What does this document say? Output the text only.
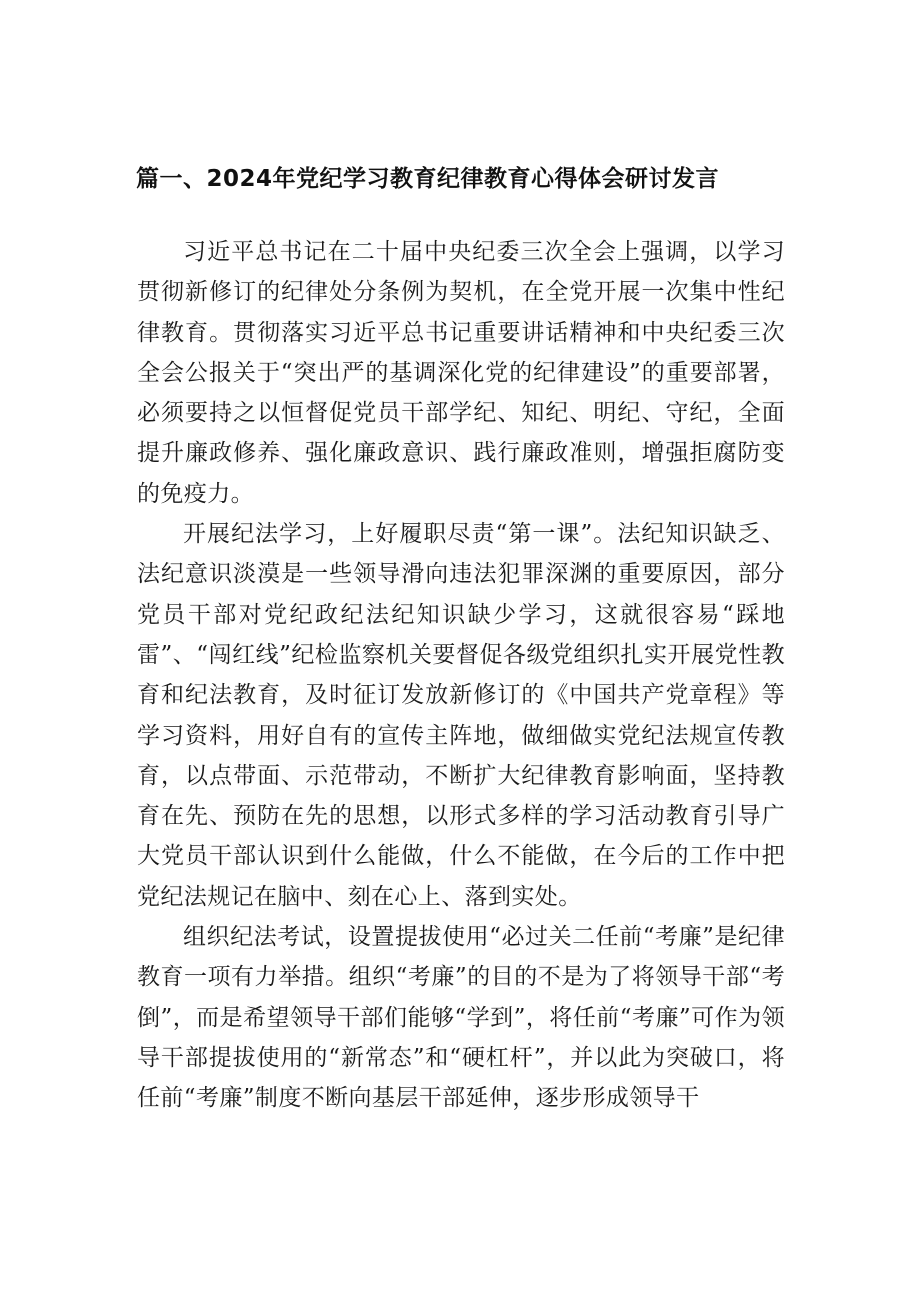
篇一、2024年党纪学习教育纪律教育心得体会研讨发言

习近平总书记在二十届中央纪委三次全会上强调，以学习贯彻新修订的纪律处分条例为契机，在全党开展一次集中性纪律教育。贯彻落实习近平总书记重要讲话精神和中央纪委三次全会公报关于“突出严的基调深化党的纪律建设”的重要部署，必须要持之以恒督促党员干部学纪、知纪、明纪、守纪，全面提升廉政修养、强化廉政意识、践行廉政准则，增强拒腐防变的免疫力。

开展纪法学习，上好履职尽责“第一课”。法纪知识缺乏、法纪意识淡漠是一些领导滑向违法犯罪深渊的重要原因，部分党员干部对党纪政纪法纪知识缺少学习，这就很容易“踩地雷”、“闯红线”纪检监察机关要督促各级党组织扎实开展党性教育和纪法教育，及时征订发放新修订的《中国共产党章程》等学习资料，用好自有的宣传主阵地，做细做实党纪法规宣传教育，以点带面、示范带动，不断扩大纪律教育影响面，坚持教育在先、预防在先的思想，以形式多样的学习活动教育引导广大党员干部认识到什么能做，什么不能做，在今后的工作中把党纪法规记在脑中、刻在心上、落到实处。

组织纪法考试，设置提拔使用“必过关二任前“考廉”是纪律教育一项有力举措。组织“考廉”的目的不是为了将领导干部“考倒”，而是希望领导干部们能够“学到”，将任前“考廉”可作为领导干部提拔使用的“新常态”和“硬杠杆”，并以此为突破口，将任前“考廉”制度不断向基层干部延伸，逐步形成领导干
